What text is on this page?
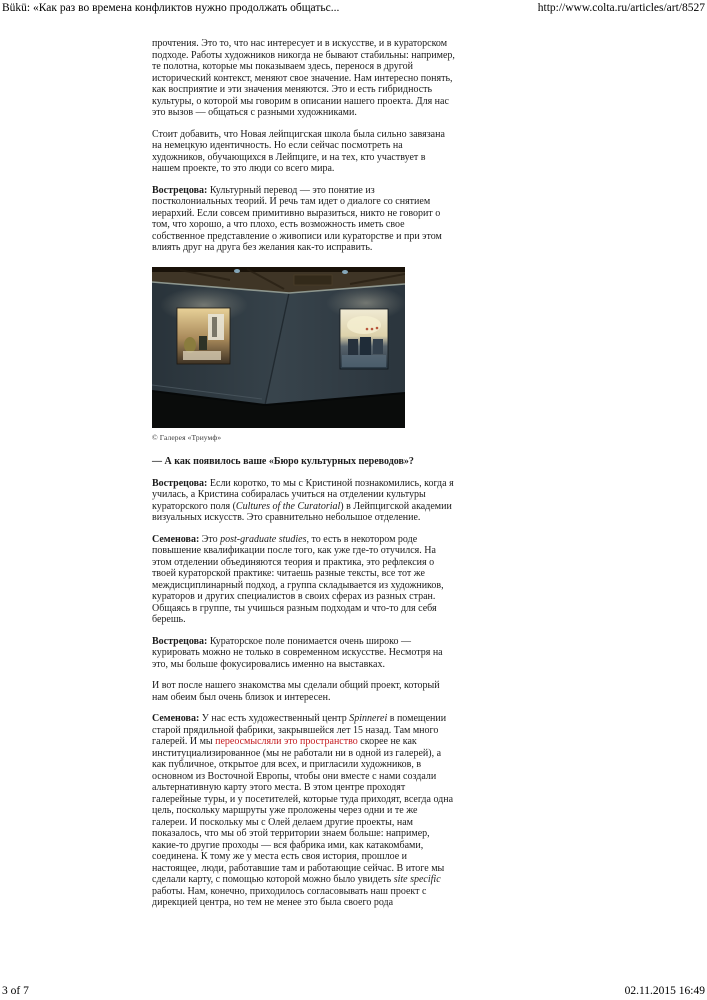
Bükü: «Как раз во времена конфликтов нужно продолжать общатьс...	http://www.colta.ru/articles/art/8527

прочтения. Это то, что нас интересует и в искусстве, и в кураторском подходе. Работы художников никогда не бывают стабильны: например, те полотна, которые мы показываем здесь, перенося в другой исторический контекст, меняют свое значение. Нам интересно понять, как восприятие и эти значения меняются. Это и есть гибридность культуры, о которой мы говорим в описании нашего проекта. Для нас это вызов — общаться с разными художниками.

Стоит добавить, что Новая лейпцигская школа была сильно завязана на немецкую идентичность. Но если сейчас посмотреть на художников, обучающихся в Лейпциге, и на тех, кто участвует в нашем проекте, то это люди со всего мира.

Вострецова: Культурный перевод — это понятие из постколониальных теорий. И речь там идет о диалоге со снятием иерархий. Если совсем примитивно выразиться, никто не говорит о том, что хорошо, а что плохо, есть возможность иметь свое собственное представление о живописи или кураторстве и при этом влиять друг на друга без желания как-то исправить.

© Галерея «Триумф»
— А как появилось ваше «Бюро культурных переводов»?

Вострецова: Если коротко, то мы с Кристиной познакомились, когда я училась, а Кристина собиралась учиться на отделении культуры кураторского поля (Cultures of the Curatorial) в Лейпцигской академии визуальных искусств. Это сравнительно небольшое отделение.

Семенова: Это post-graduate studies, то есть в некотором роде повышение квалификации после того, как уже где-то отучился. На этом отделении объединяются теория и практика, это рефлексия о твоей кураторской практике: читаешь разные тексты, все тот же междисциплинарный подход, а группа складывается из художников, кураторов и других специалистов в своих сферах из разных стран. Общаясь в группе, ты учишься разным подходам и что-то для себя берешь.

Вострецова: Кураторское поле понимается очень широко — курировать можно не только в современном искусстве. Несмотря на это, мы больше фокусировались именно на выставках.

И вот после нашего знакомства мы сделали общий проект, который нам обеим был очень близок и интересен.

Семенова: У нас есть художественный центр Spinnerei в помещении старой прядильной фабрики, закрывшейся лет 15 назад. Там много галерей. И мы переосмысляли это пространство скорее не как институциализированное (мы не работали ни в одной из галерей), а как публичное, открытое для всех, и пригласили художников, в основном из Восточной Европы, чтобы они вместе с нами создали альтернативную карту этого места. В этом центре проходят галерейные туры, и у посетителей, которые туда приходят, всегда одна цель, поскольку маршруты уже проложены через одни и те же галереи. И поскольку мы с Олей делаем другие проекты, нам показалось, что мы об этой территории знаем больше: например, какие-то другие проходы — вся фабрика ими, как катакомбами, соединена. К тому же у места есть своя история, прошлое и настоящее, люди, работавшие там и работающие сейчас. В итоге мы сделали карту, с помощью которой можно было увидеть site specific работы. Нам, конечно, приходилось согласовывать наш проект с дирекцией центра, но тем не менее это была своего рода

3 of 7	02.11.2015 16:49
